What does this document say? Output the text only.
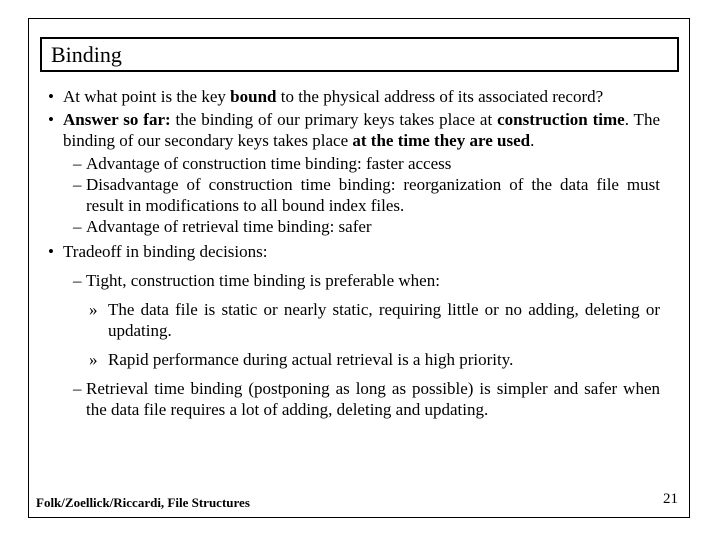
Binding
• At what point is the key bound to the physical address of its associated record?
• Answer so far: the binding of our primary keys takes place at construction time. The binding of our secondary keys takes place at the time they are used.
– Advantage of construction time binding: faster access
– Disadvantage of construction time binding: reorganization of the data file must result in modifications to all bound index files.
– Advantage of retrieval time binding: safer
• Tradeoff in binding decisions:
– Tight, construction time binding is preferable when:
» The data file is static or nearly static, requiring little or no adding, deleting or updating.
» Rapid performance during actual retrieval is a high priority.
– Retrieval time binding (postponing as long as possible) is simpler and safer when the data file requires a lot of adding, deleting and updating.
Folk/Zoellick/Riccardi, File Structures	21
